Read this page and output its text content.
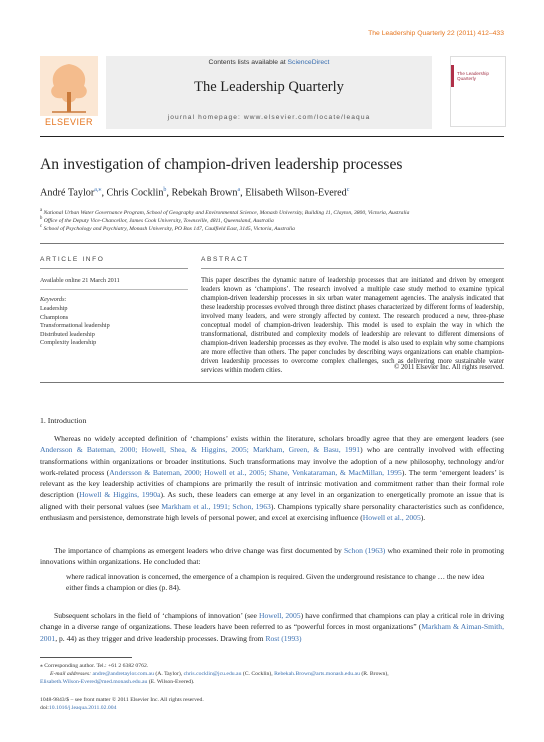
The Leadership Quarterly 22 (2011) 412–433
ELSEVIER
Contents lists available at ScienceDirect
The Leadership Quarterly
journal homepage: www.elsevier.com/locate/leaqua
The Leadership Quarterly
An investigation of champion-driven leadership processes
André Taylor$^{a,⁎}$, Chris Cocklin$^b$, Rebekah Brown$^a$, Elisabeth Wilson-Evered$^c$
$^a$ National Urban Water Governance Program, School of Geography and Environmental Science, Monash University, Building 11, Clayton, 3800, Victoria, Australia
$^b$ Office of the Deputy Vice-Chancellor, James Cook University, Townsville, 4811, Queensland, Australia
$^c$ School of Psychology and Psychiatry, Monash University, PO Box 147, Caulfield East, 3145, Victoria, Australia
ARTICLE INFO	ABSTRACT
Available online 21 March 2011
Keywords:
Leadership
Champions
Transformational leadership
Distributed leadership
Complexity leadership
This paper describes the dynamic nature of leadership processes that are initiated and driven by emergent leaders known as ‘champions’. The research involved a multiple case study method to examine typical champion-driven leadership processes in six urban water management agencies. The analysis indicated that these leadership processes evolved through three distinct phases characterized by different forms of leadership, involved many leaders, and were strongly affected by context. The research produced a new, three-phase conceptual model of champion-driven leadership. This model is used to explain the way in which the transformational, distributed and complexity models of leadership are relevant to different dimensions of champion-driven leadership processes as they evolve. The model is also used to explain why some champions are more effective than others. The paper concludes by describing ways organizations can enable champion-driven leadership processes to overcome complex challenges, such as delivering more sustainable water services within modern cities.	© 2011 Elsevier Inc. All rights reserved.
1. Introduction
Whereas no widely accepted definition of ‘champions’ exists within the literature, scholars broadly agree that they are emergent leaders (see Andersson & Bateman, 2000; Howell, Shea, & Higgins, 2005; Markham, Green, & Basu, 1991) who are centrally involved with effecting transformations within organizations or broader institutions. Such transformations may involve the adoption of a new philosophy, technology and/or work-related process (Andersson & Bateman, 2000; Howell et al., 2005; Shane, Venkataraman, & MacMillan, 1995). The term ‘emergent leaders’ is relevant as the key leadership activities of champions are primarily the result of intrinsic motivation and commitment rather than their formal role description (Howell & Higgins, 1990a). As such, these leaders can emerge at any level in an organization to energetically promote an issue that is aligned with their personal values (see Markham et al., 1991; Schon, 1963). Champions typically share personality characteristics such as confidence, enthusiasm and persistence, demonstrate high levels of personal power, and excel at exercising influence (Howell et al., 2005).
The importance of champions as emergent leaders who drive change was first documented by Schon (1963) who examined their role in promoting innovations within organizations. He concluded that:
where radical innovation is concerned, the emergence of a champion is required. Given the underground resistance to change … the new idea either finds a champion or dies (p. 84).
Subsequent scholars in the field of ‘champions of innovation’ (see Howell, 2005) have confirmed that champions can play a critical role in driving change in a diverse range of organizations. These leaders have been referred to as “powerful forces in most organizations” (Markham & Aiman-Smith, 2001, p. 44) as they trigger and drive leadership processes. Drawing from Rost (1993)
⁎ Corresponding author. Tel.: +61 2 6382 0762.
E-mail addresses: andre@andretaylor.com.au (A. Taylor), chris.cocklin@jcu.edu.au (C. Cocklin), Rebekah.Brown@arts.monash.edu.au (R. Brown),
Elisabeth.Wilson-Evered@med.monash.edu.au (E. Wilson-Evered).
1048-9843/$ – see front matter © 2011 Elsevier Inc. All rights reserved.
doi:10.1016/j.leaqua.2011.02.004
